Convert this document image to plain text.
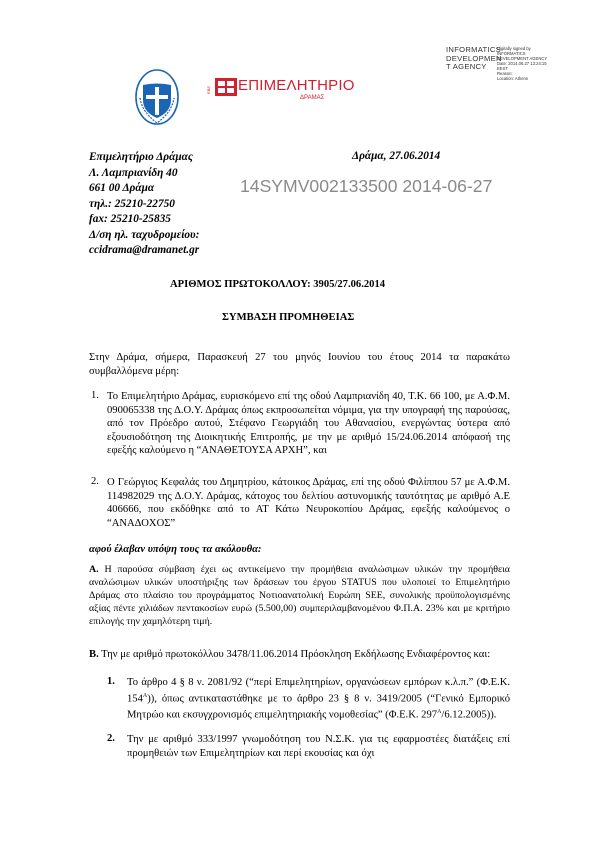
ΕΒΕ ΕΠΙΜΕΛΗΤΗΡΙΟ
ΔΡΑΜΑΣ
INFORMATICS DEVELOPMEN T AGENCY
Digitally signed by
INFORMATICS
DEVELOPMENT AGENCY
Date: 2014.06.27 13:24:15
EEST
Reason:
Location: Athens
Επιμελητήριο Δράμας
Λ. Λαμπριανίδη 40
661 00 Δράμα
τηλ.: 25210-22750
fax: 25210-25835
Δ/ση ηλ. ταχυδρομείου:
ccidrama@dramanet.gr
Δράμα, 27.06.2014
14SYMV002133500 2014-06-27
ΑΡΙΘΜΟΣ ΠΡΩΤΟΚΟΛΛΟΥ: 3905/27.06.2014
ΣΥΜΒΑΣΗ ΠΡΟΜΗΘΕΙΑΣ
Στην Δράμα, σήμερα, Παρασκευή 27 του μηνός Ιουνίου του έτους 2014 τα παρακάτω συμβαλλόμενα μέρη:
1. Το Επιμελητήριο Δράμας, ευρισκόμενο επί της οδού Λαμπριανίδη 40, Τ.Κ. 66 100, με Α.Φ.Μ. 090065338 της Δ.Ο.Υ. Δράμας όπως εκπροσωπείται νόμιμα, για την υπογραφή της παρούσας, από τον Πρόεδρο αυτού, Στέφανο Γεωργιάδη του Αθανασίου, ενεργώντας ύστερα από εξουσιοδότηση της Διοικητικής Επιτροπής, με την με αριθμό 15/24.06.2014 απόφασή της εφεξής καλούμενο η “ΑΝΑΘΕΤΟΥΣΑ ΑΡΧΗ”, και
2. Ο Γεώργιος Κεφαλάς του Δημητρίου, κάτοικος Δράμας, επί της οδού Φιλίππου 57 με Α.Φ.Μ. 114982029 της Δ.Ο.Υ. Δράμας, κάτοχος του δελτίου αστυνομικής ταυτότητας με αριθμό Α.Ε 406666, που εκδόθηκε από το ΑΤ Κάτω Νευροκοπίου Δράμας, εφεξής καλούμενος ο “ΑΝΑΔΟΧΟΣ”
αφού έλαβαν υπόψη τους τα ακόλουθα:
Α. Η παρούσα σύμβαση έχει ως αντικείμενο την προμήθεια αναλώσιμων υλικών την προμήθεια αναλώσιμων υλικών υποστήριξης των δράσεων του έργου STATUS που υλοποιεί το Επιμελητήριο Δράμας στο πλαίσιο του προγράμματος Νοτιοανατολική Ευρώπη SEE, συνολικής προϋπολογισμένης αξίας πέντε χιλιάδων πεντακοσίων ευρώ (5.500,00) συμπεριλαμβανομένου Φ.Π.Α. 23% και με κριτήριο επιλογής την χαμηλότερη τιμή.
Β. Την με αριθμό πρωτοκόλλου 3478/11.06.2014 Πρόσκληση Εκδήλωσης Ενδιαφέροντος και:
1. Το άρθρο 4 § 8 ν. 2081/92 (“περί Επιμελητηρίων, οργανώσεων εμπόρων κ.λ.π.” (Φ.Ε.Κ. $154^A$)), όπως αντικαταστάθηκε με το άρθρο 23 § 8 ν. 3419/2005 (“Γενικό Εμπορικό Μητρώο και εκσυγχρονισμός επιμελητηριακής νομοθεσίας” (Φ.Ε.Κ. $297^A/6.12.2005$)).
2. Την με αριθμό 333/1997 γνωμοδότηση του Ν.Σ.Κ. για τις εφαρμοστέες διατάξεις επί προμηθειών των Επιμελητηρίων και περί εκουσίας και όχι
